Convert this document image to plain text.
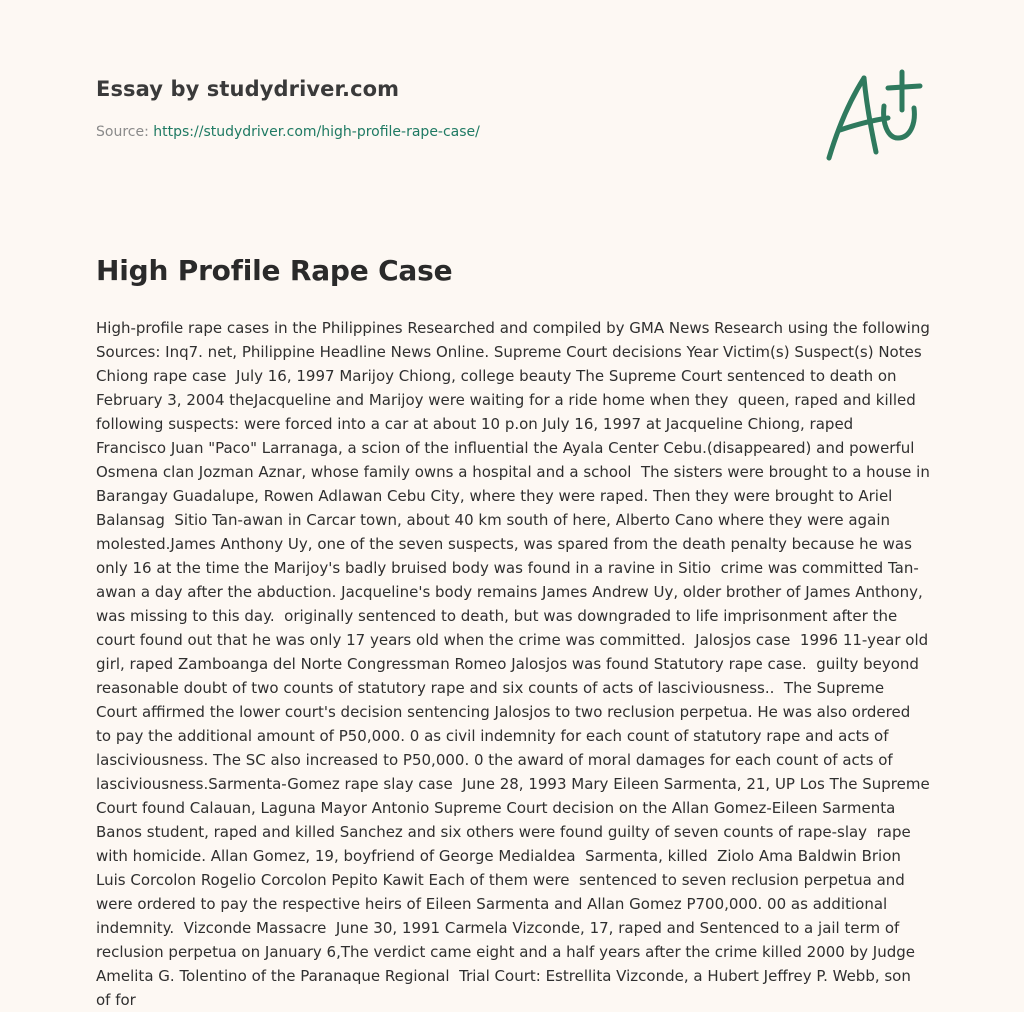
Essay by studydriver.com
Source: https://studydriver.com/high-profile-rape-case/
High Profile Rape Case

High-profile rape cases in the Philippines Researched and compiled by GMA News Research using the following Sources: Inq7. net, Philippine Headline News Online. Supreme Court decisions Year Victim(s) Suspect(s) Notes  Chiong rape case  July 16, 1997 Marijoy Chiong, college beauty The Supreme Court sentenced to death on February 3, 2004 theJacqueline and Marijoy were waiting for a ride home when they  queen, raped and killed following suspects: were forced into a car at about 10 p.on July 16, 1997 at Jacqueline Chiong, raped  Francisco Juan "Paco" Larranaga, a scion of the influential the Ayala Center Cebu.(disappeared) and powerful Osmena clan Jozman Aznar, whose family owns a hospital and a school  The sisters were brought to a house in Barangay Guadalupe, Rowen Adlawan Cebu City, where they were raped. Then they were brought to Ariel Balansag  Sitio Tan-awan in Carcar town, about 40 km south of here, Alberto Cano where they were again molested.James Anthony Uy, one of the seven suspects, was spared from the death penalty because he was only 16 at the time the Marijoy's badly bruised body was found in a ravine in Sitio  crime was committed Tan-awan a day after the abduction. Jacqueline's body remains James Andrew Uy, older brother of James Anthony, was missing to this day.  originally sentenced to death, but was downgraded to life imprisonment after the court found out that he was only 17 years old when the crime was committed.  Jalosjos case  1996 11-year old girl, raped Zamboanga del Norte Congressman Romeo Jalosjos was found Statutory rape case.  guilty beyond reasonable doubt of two counts of statutory rape and six counts of acts of lasciviousness..  The Supreme Court affirmed the lower court's decision sentencing Jalosjos to two reclusion perpetua. He was also ordered to pay the additional amount of P50,000. 0 as civil indemnity for each count of statutory rape and acts of lasciviousness. The SC also increased to P50,000. 0 the award of moral damages for each count of acts of lasciviousness.Sarmenta-Gomez rape slay case  June 28, 1993 Mary Eileen Sarmenta, 21, UP Los The Supreme Court found Calauan, Laguna Mayor Antonio Supreme Court decision on the Allan Gomez-Eileen Sarmenta Banos student, raped and killed Sanchez and six others were found guilty of seven counts of rape-slay  rape with homicide. Allan Gomez, 19, boyfriend of George Medialdea  Sarmenta, killed  Ziolo Ama Baldwin Brion Luis Corcolon Rogelio Corcolon Pepito Kawit Each of them were  sentenced to seven reclusion perpetua and  were ordered to pay the respective heirs of Eileen Sarmenta and Allan Gomez P700,000. 00 as additional indemnity.  Vizconde Massacre  June 30, 1991 Carmela Vizconde, 17, raped and Sentenced to a jail term of reclusion perpetua on January 6,The verdict came eight and a half years after the crime killed 2000 by Judge Amelita G. Tolentino of the Paranaque Regional  Trial Court: Estrellita Vizconde, a Hubert Jeffrey P. Webb, son of for
